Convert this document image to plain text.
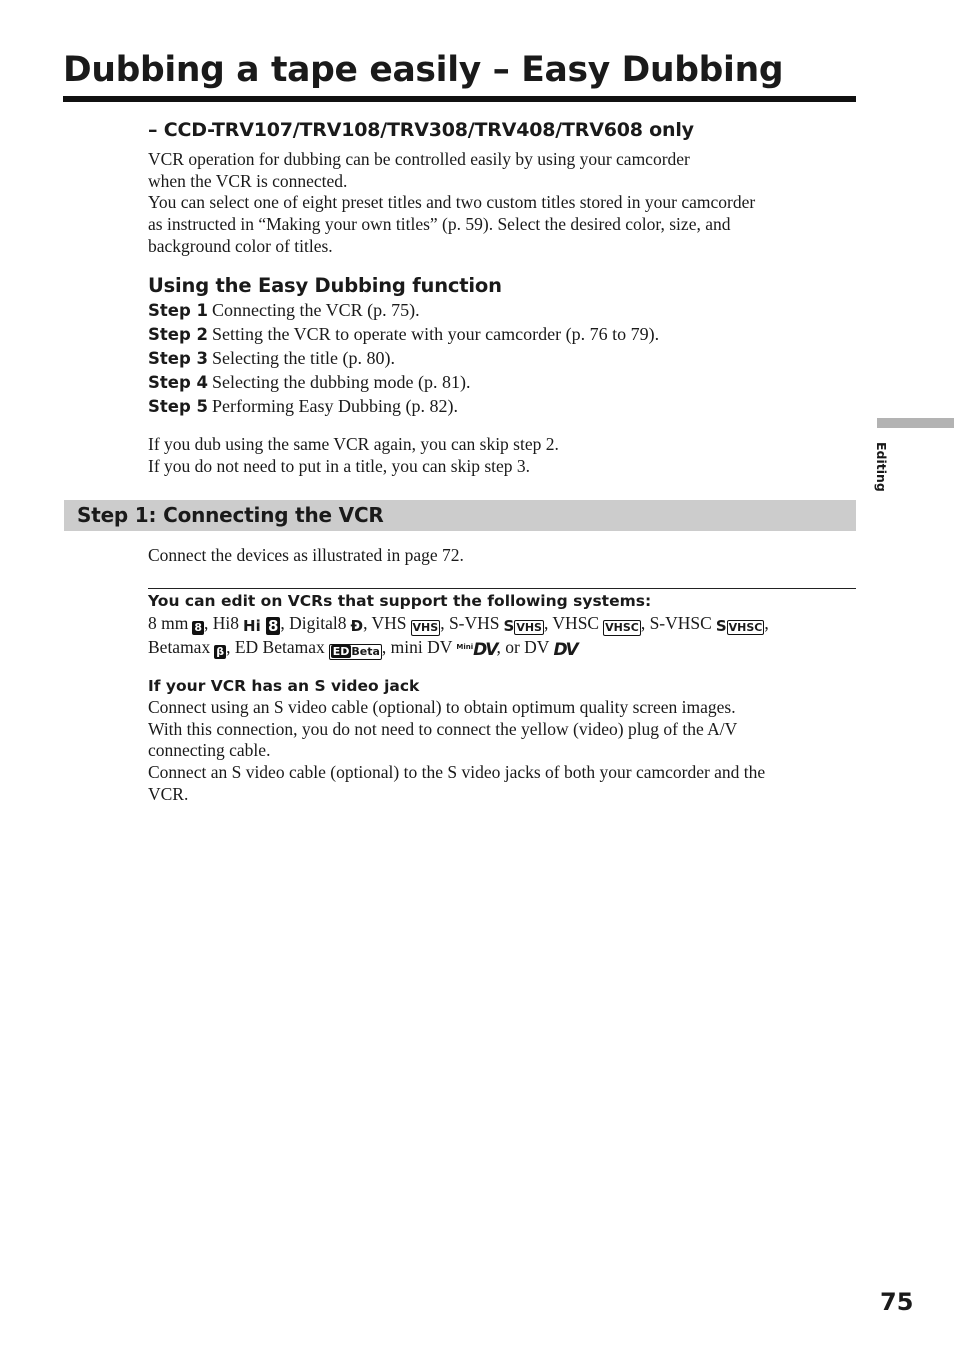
Dubbing a tape easily – Easy Dubbing
– CCD-TRV107/TRV108/TRV308/TRV408/TRV608 only
VCR operation for dubbing can be controlled easily by using your camcorder
when the VCR is connected.
You can select one of eight preset titles and two custom titles stored in your camcorder
as instructed in “Making your own titles” (p. 59). Select the desired color, size, and
background color of titles.
Using the Easy Dubbing function
Step 1 Connecting the VCR (p. 75).
Step 2 Setting the VCR to operate with your camcorder (p. 76 to 79).
Step 3 Selecting the title (p. 80).
Step 4 Selecting the dubbing mode (p. 81).
Step 5 Performing Easy Dubbing (p. 82).
If you dub using the same VCR again, you can skip step 2.
If you do not need to put in a title, you can skip step 3.
Step 1: Connecting the VCR
Connect the devices as illustrated in page 72.
You can edit on VCRs that support the following systems:
8 mm 8 , Hi8 Hi 8 , Digital8 Ð, VHS VHS , S-VHS S VHS , VHSC VHSC , S-VHSC S VHSC ,
Betamax β , ED Betamax ED Beta , mini DV $^{Mini}$DV, or DV DV
If your VCR has an S video jack
Connect using an S video cable (optional) to obtain optimum quality screen images.
With this connection, you do not need to connect the yellow (video) plug of the A/V
connecting cable.
Connect an S video cable (optional) to the S video jacks of both your camcorder and the
VCR.
Editing
75
